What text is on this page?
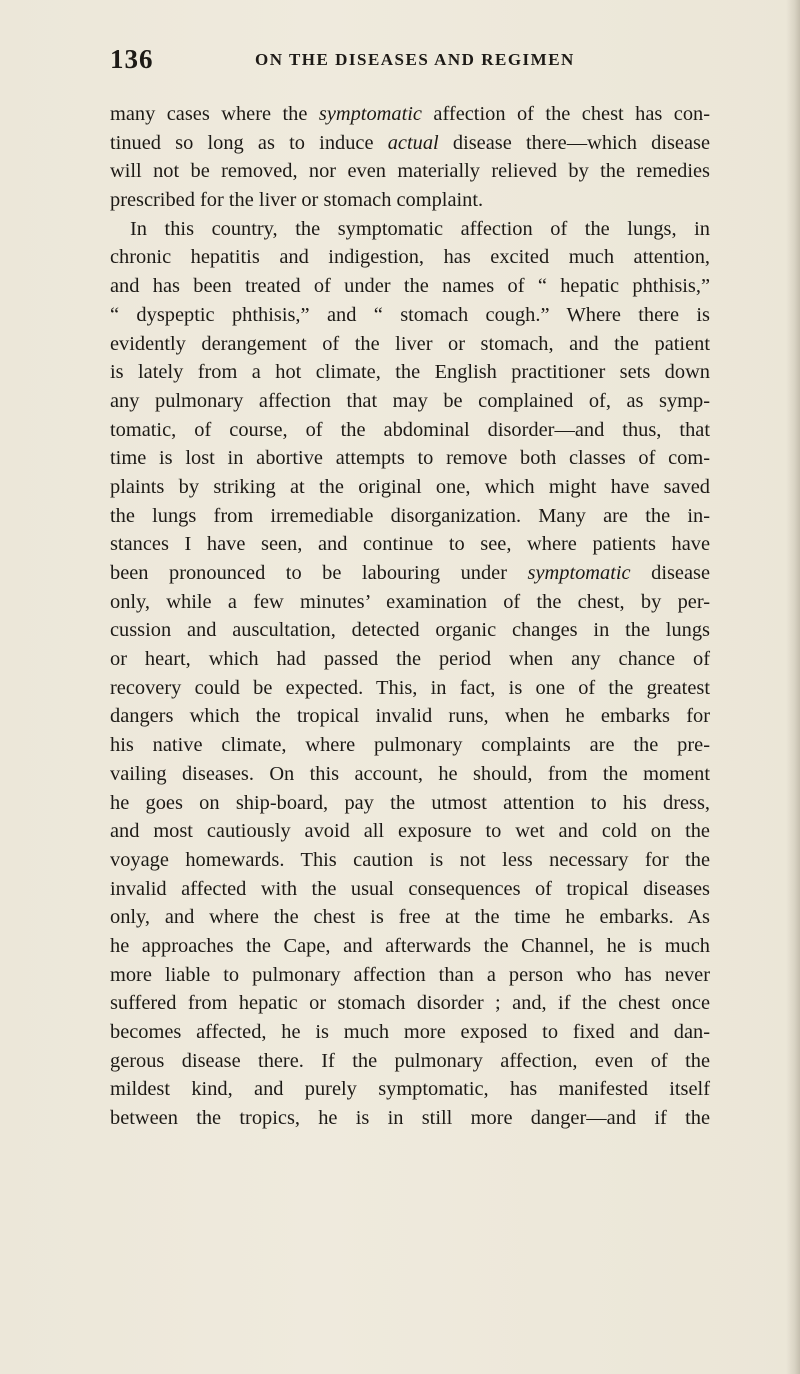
136	ON THE DISEASES AND REGIMEN
many cases where the symptomatic affection of the chest has con-
tinued so long as to induce actual disease there—which disease
will not be removed, nor even materially relieved by the remedies
prescribed for the liver or stomach complaint.
In this country, the symptomatic affection of the lungs, in
chronic hepatitis and indigestion, has excited much attention,
and has been treated of under the names of “ hepatic phthisis,”
“ dyspeptic phthisis,” and “ stomach cough.” Where there is
evidently derangement of the liver or stomach, and the patient
is lately from a hot climate, the English practitioner sets down
any pulmonary affection that may be complained of, as symp-
tomatic, of course, of the abdominal disorder—and thus, that
time is lost in abortive attempts to remove both classes of com-
plaints by striking at the original one, which might have saved
the lungs from irremediable disorganization. Many are the in-
stances I have seen, and continue to see, where patients have
been pronounced to be labouring under symptomatic disease
only, while a few minutes’ examination of the chest, by per-
cussion and auscultation, detected organic changes in the lungs
or heart, which had passed the period when any chance of
recovery could be expected. This, in fact, is one of the greatest
dangers which the tropical invalid runs, when he embarks for
his native climate, where pulmonary complaints are the pre-
vailing diseases. On this account, he should, from the moment
he goes on ship-board, pay the utmost attention to his dress,
and most cautiously avoid all exposure to wet and cold on the
voyage homewards. This caution is not less necessary for the
invalid affected with the usual consequences of tropical diseases
only, and where the chest is free at the time he embarks. As
he approaches the Cape, and afterwards the Channel, he is much
more liable to pulmonary affection than a person who has never
suffered from hepatic or stomach disorder ; and, if the chest once
becomes affected, he is much more exposed to fixed and dan-
gerous disease there. If the pulmonary affection, even of the
mildest kind, and purely symptomatic, has manifested itself
between the tropics, he is in still more danger—and if the
